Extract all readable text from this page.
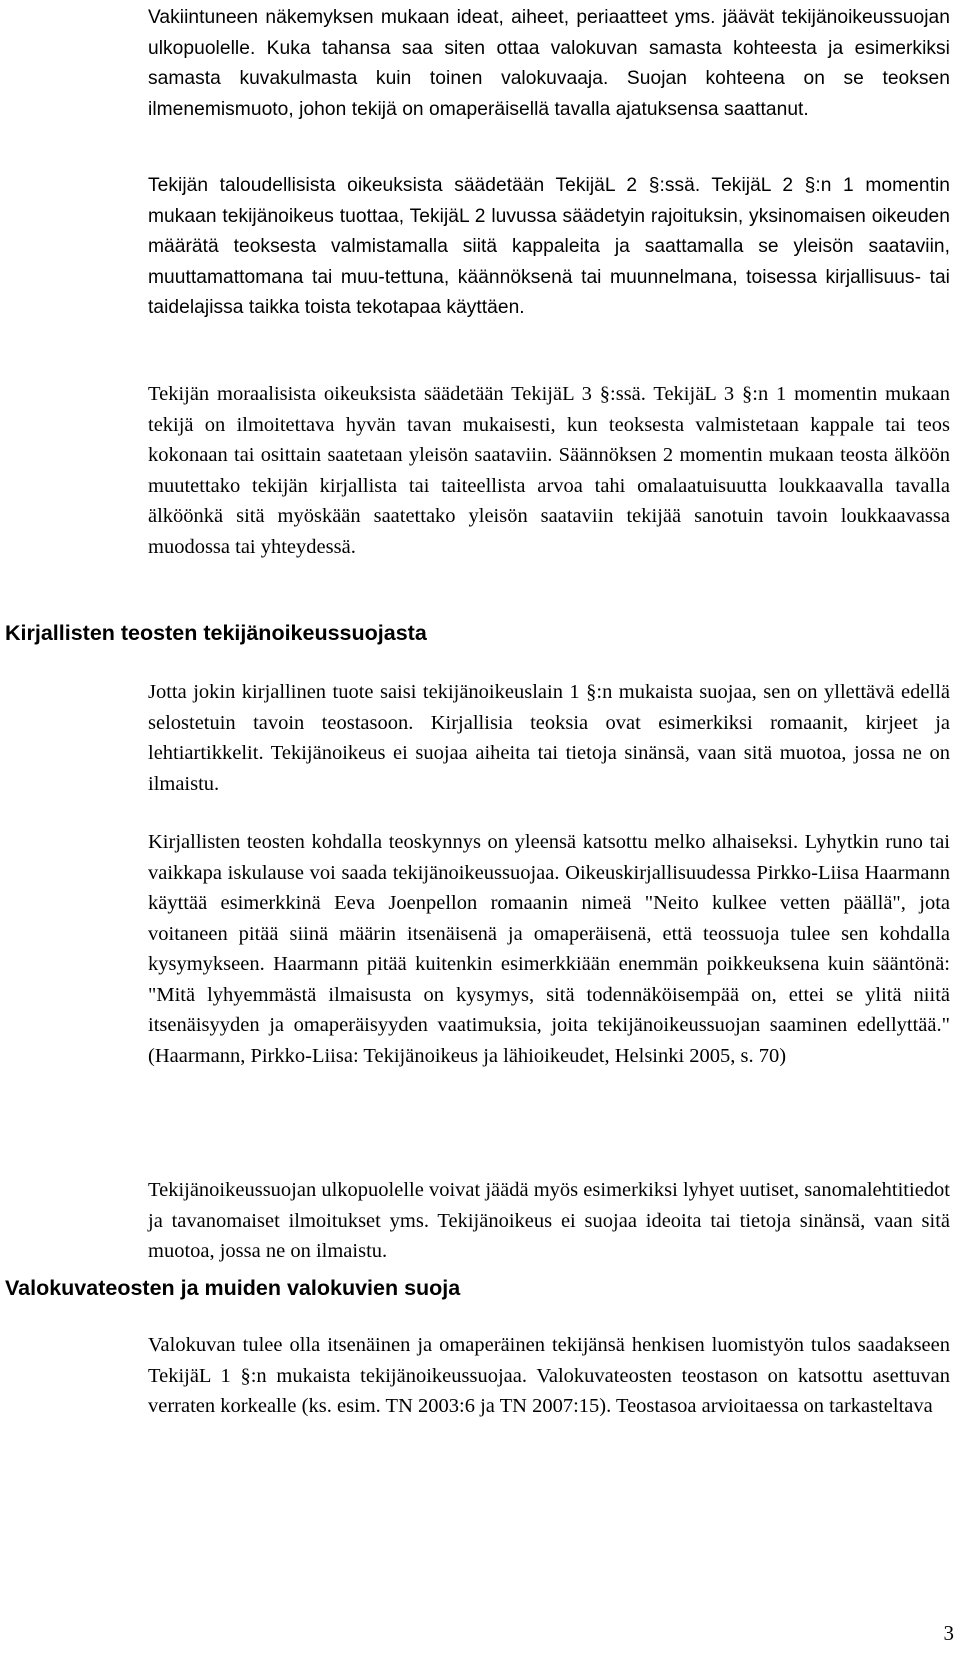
Vakiintuneen näkemyksen mukaan ideat, aiheet, periaatteet yms. jäävät tekijänoikeussuojan ulkopuolelle. Kuka tahansa saa siten ottaa valokuvan samasta kohteesta ja esimerkiksi samasta kuvakulmasta kuin toinen valokuvaaja. Suojan kohteena on se teoksen ilmenemismuoto, johon tekijä on omaperäisellä tavalla ajatuksensa saattanut.

Tekijän taloudellisista oikeuksista säädetään TekijäL 2 §:ssä. TekijäL 2 §:n 1 momentin mukaan tekijänoikeus tuottaa, TekijäL 2 luvussa säädetyin rajoituksin, yksinomaisen oikeuden määrätä teoksesta valmistamalla siitä kappaleita ja saattamalla se yleisön saataviin, muuttamattomana tai muu-tettuna, käännöksenä tai muunnelmana, toisessa kirjallisuus- tai taidelajissa taikka toista tekotapaa käyttäen.

Tekijän moraalisista oikeuksista säädetään TekijäL 3 §:ssä. TekijäL 3 §:n 1 momentin mukaan tekijä on ilmoitettava hyvän tavan mukaisesti, kun teoksesta valmistetaan kappale tai teos kokonaan tai osittain saatetaan yleisön saataviin. Säännöksen 2 momentin mukaan teosta älköön muutettako tekijän kirjallista tai taiteellista arvoa tahi omalaatuisuutta loukkaavalla tavalla älköönkä sitä myöskään saatettako yleisön saataviin tekijää sanotuin tavoin loukkaavassa muodossa tai yhteydessä.

Kirjallisten teosten tekijänoikeussuojasta

Jotta jokin kirjallinen tuote saisi tekijänoikeuslain 1 §:n mukaista suojaa, sen on yllettävä edellä selostetuin tavoin teostasoon. Kirjallisia teoksia ovat esimerkiksi romaanit, kirjeet ja lehtiartikkelit. Tekijänoikeus ei suojaa aiheita tai tietoja sinänsä, vaan sitä muotoa, jossa ne on ilmaistu.

Kirjallisten teosten kohdalla teoskynnys on yleensä katsottu melko alhaiseksi. Lyhytkin runo tai vaikkapa iskulause voi saada tekijänoikeussuojaa. Oikeuskirjallisuudessa Pirkko-Liisa Haarmann käyttää esimerkkinä Eeva Joenpellon romaanin nimeä "Neito kulkee vetten päällä", jota voitaneen pitää siinä määrin itsenäisenä ja omaperäisenä, että teossuoja tulee sen kohdalla kysymykseen. Haarmann pitää kuitenkin esimerkkiään enemmän poikkeuksena kuin sääntönä: "Mitä lyhyemmästä ilmaisusta on kysymys, sitä todennäköisempää on, ettei se ylitä niitä itsenäisyyden ja omaperäisyyden vaatimuksia, joita tekijänoikeussuojan saaminen edellyttää." (Haarmann, Pirkko-Liisa: Tekijänoikeus ja lähioikeudet, Helsinki 2005, s. 70)

Tekijänoikeussuojan ulkopuolelle voivat jäädä myös esimerkiksi lyhyet uutiset, sanomalehtitiedot ja tavanomaiset ilmoitukset yms. Tekijänoikeus ei suojaa ideoita tai tietoja sinänsä, vaan sitä muotoa, jossa ne on ilmaistu.

Valokuvateosten ja muiden valokuvien suoja

Valokuvan tulee olla itsenäinen ja omaperäinen tekijänsä henkisen luomistyön tulos saadakseen TekijäL 1 §:n mukaista tekijänoikeussuojaa. Valokuvateosten teostason on katsottu asettuvan verraten korkealle (ks. esim. TN 2003:6 ja TN 2007:15). Teostasoa arvioitaessa on tarkasteltava

3
